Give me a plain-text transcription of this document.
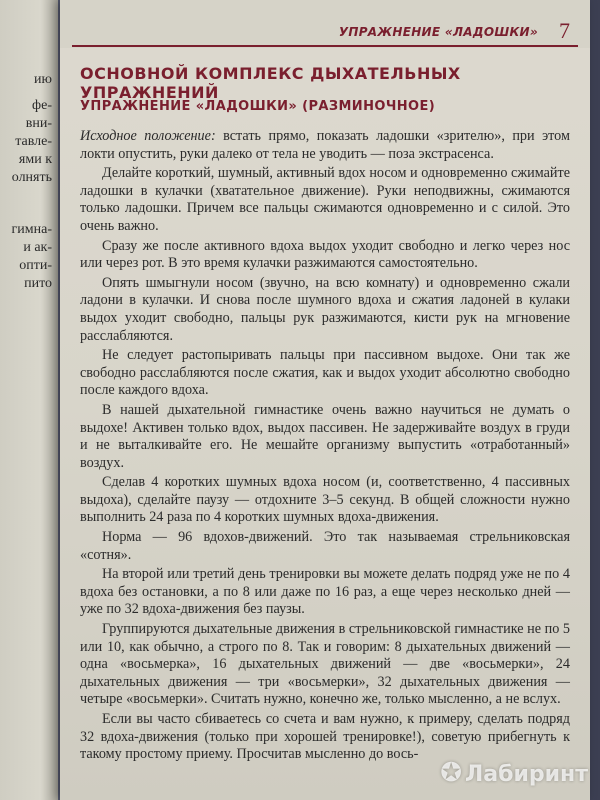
ию
фе-
вни-
тавле-
ями к
олнять
гимна-
и ак-
опти-
пито
УПРАЖНЕНИЕ «ЛАДОШКИ» 7
ОСНОВНОЙ КОМПЛЕКС ДЫХАТЕЛЬНЫХ УПРАЖНЕНИЙ
УПРАЖНЕНИЕ «ЛАДОШКИ» (РАЗМИНОЧНОЕ)

Исходное положение: встать прямо, показать ладошки «зрителю», при этом локти опустить, руки далеко от тела не уводить — поза экстрасенса.

Делайте короткий, шумный, активный вдох носом и одновременно сжимайте ладошки в кулачки (хватательное движение). Руки неподвижны, сжимаются только ладошки. Причем все пальцы сжимаются одновременно и с силой. Это очень важно.

Сразу же после активного вдоха выдох уходит свободно и легко через нос или через рот. В это время кулачки разжимаются самостоятельно.

Опять шмыгнули носом (звучно, на всю комнату) и одновременно сжали ладони в кулачки. И снова после шумного вдоха и сжатия ладоней в кулаки выдох уходит свободно, пальцы рук разжимаются, кисти рук на мгновение расслабляются.

Не следует растопыривать пальцы при пассивном выдохе. Они так же свободно расслабляются после сжатия, как и выдох уходит абсолютно свободно после каждого вдоха.

В нашей дыхательной гимнастике очень важно научиться не думать о выдохе! Активен только вдох, выдох пассивен. Не задерживайте воздух в груди и не выталкивайте его. Не мешайте организму выпустить «отработанный» воздух.

Сделав 4 коротких шумных вдоха носом (и, соответственно, 4 пассивных выдоха), сделайте паузу — отдохните 3–5 секунд. В общей сложности нужно выполнить 24 раза по 4 коротких шумных вдоха-движения.

Норма — 96 вдохов-движений. Это так называемая стрельниковская «сотня».

На второй или третий день тренировки вы можете делать подряд уже не по 4 вдоха без остановки, а по 8 или даже по 16 раз, а еще через несколько дней — уже по 32 вдоха-движения без паузы.

Группируются дыхательные движения в стрельниковской гимнастике не по 5 или 10, как обычно, а строго по 8. Так и говорим: 8 дыхательных движений — одна «восьмерка», 16 дыхательных движений — две «восьмерки», 24 дыхательных движения — три «восьмерки», 32 дыхательных движения — четыре «восьмерки». Считать нужно, конечно же, только мысленно, а не вслух.

Если вы часто сбиваетесь со счета и вам нужно, к примеру, сделать подряд 32 вдоха-движения (только при хорошей тренировке!), советую прибегнуть к такому простому приему. Просчитав мысленно до вось-

✪ Лабиринт
